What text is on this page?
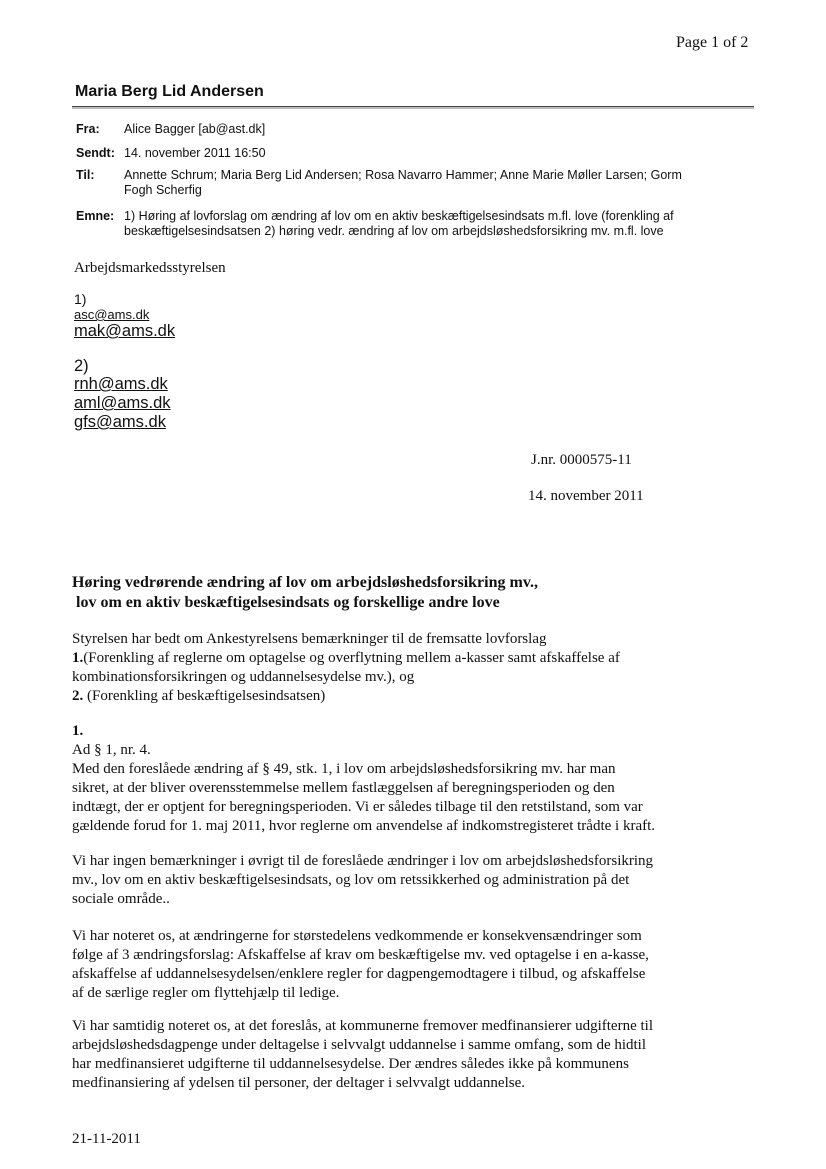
Page 1 of 2
Maria Berg Lid Andersen
Fra: Alice Bagger [ab@ast.dk]
Sendt: 14. november 2011 16:50
Til: Annette Schrum; Maria Berg Lid Andersen; Rosa Navarro Hammer; Anne Marie Møller Larsen; Gorm
Fogh Scherfig
Emne: 1) Høring af lovforslag om ændring af lov om en aktiv beskæftigelsesindsats m.fl. love (forenkling af
beskæftigelsesindsatsen 2) høring vedr. ændring af lov om arbejdsløshedsforsikring mv. m.fl. love
Arbejdsmarkedsstyrelsen
1)
asc@ams.dk
mak@ams.dk
2)
rnh@ams.dk
aml@ams.dk
gfs@ams.dk
J.nr. 0000575-11
14. november 2011
Høring vedrørende ændring af lov om arbejdsløshedsforsikring mv.,
lov om en aktiv beskæftigelsesindsats og forskellige andre love
Styrelsen har bedt om Ankestyrelsens bemærkninger til de fremsatte lovforslag
1.(Forenkling af reglerne om optagelse og overflytning mellem a-kasser samt afskaffelse af
kombinationsforsikringen og uddannelsesydelse mv.), og
2. (Forenkling af beskæftigelsesindsatsen)
1.
Ad § 1, nr. 4.
Med den foreslåede ændring af § 49, stk. 1, i lov om arbejdsløshedsforsikring mv. har man
sikret, at der bliver overensstemmelse mellem fastlæggelsen af beregningsperioden og den
indtægt, der er optjent for beregningsperioden. Vi er således tilbage til den retstilstand, som var
gældende forud for 1. maj 2011, hvor reglerne om anvendelse af indkomstregisteret trådte i kraft.
Vi har ingen bemærkninger i øvrigt til de foreslåede ændringer i lov om arbejdsløshedsforsikring
mv., lov om en aktiv beskæftigelsesindsats, og lov om retssikkerhed og administration på det
sociale område..
Vi har noteret os, at ændringerne for størstedelens vedkommende er konsekvensændringer som
følge af 3 ændringsforslag: Afskaffelse af krav om beskæftigelse mv. ved optagelse i en a-kasse,
afskaffelse af uddannelsesydelsen/enklere regler for dagpengemodtagere i tilbud, og afskaffelse
af de særlige regler om flyttehjælp til ledige.
Vi har samtidig noteret os, at det foreslås, at kommunerne fremover medfinansierer udgifterne til
arbejdsløshedsdagpenge under deltagelse i selvvalgt uddannelse i samme omfang, som de hidtil
har medfinansieret udgifterne til uddannelsesydelse. Der ændres således ikke på kommunens
medfinansiering af ydelsen til personer, der deltager i selvvalgt uddannelse.
21-11-2011
